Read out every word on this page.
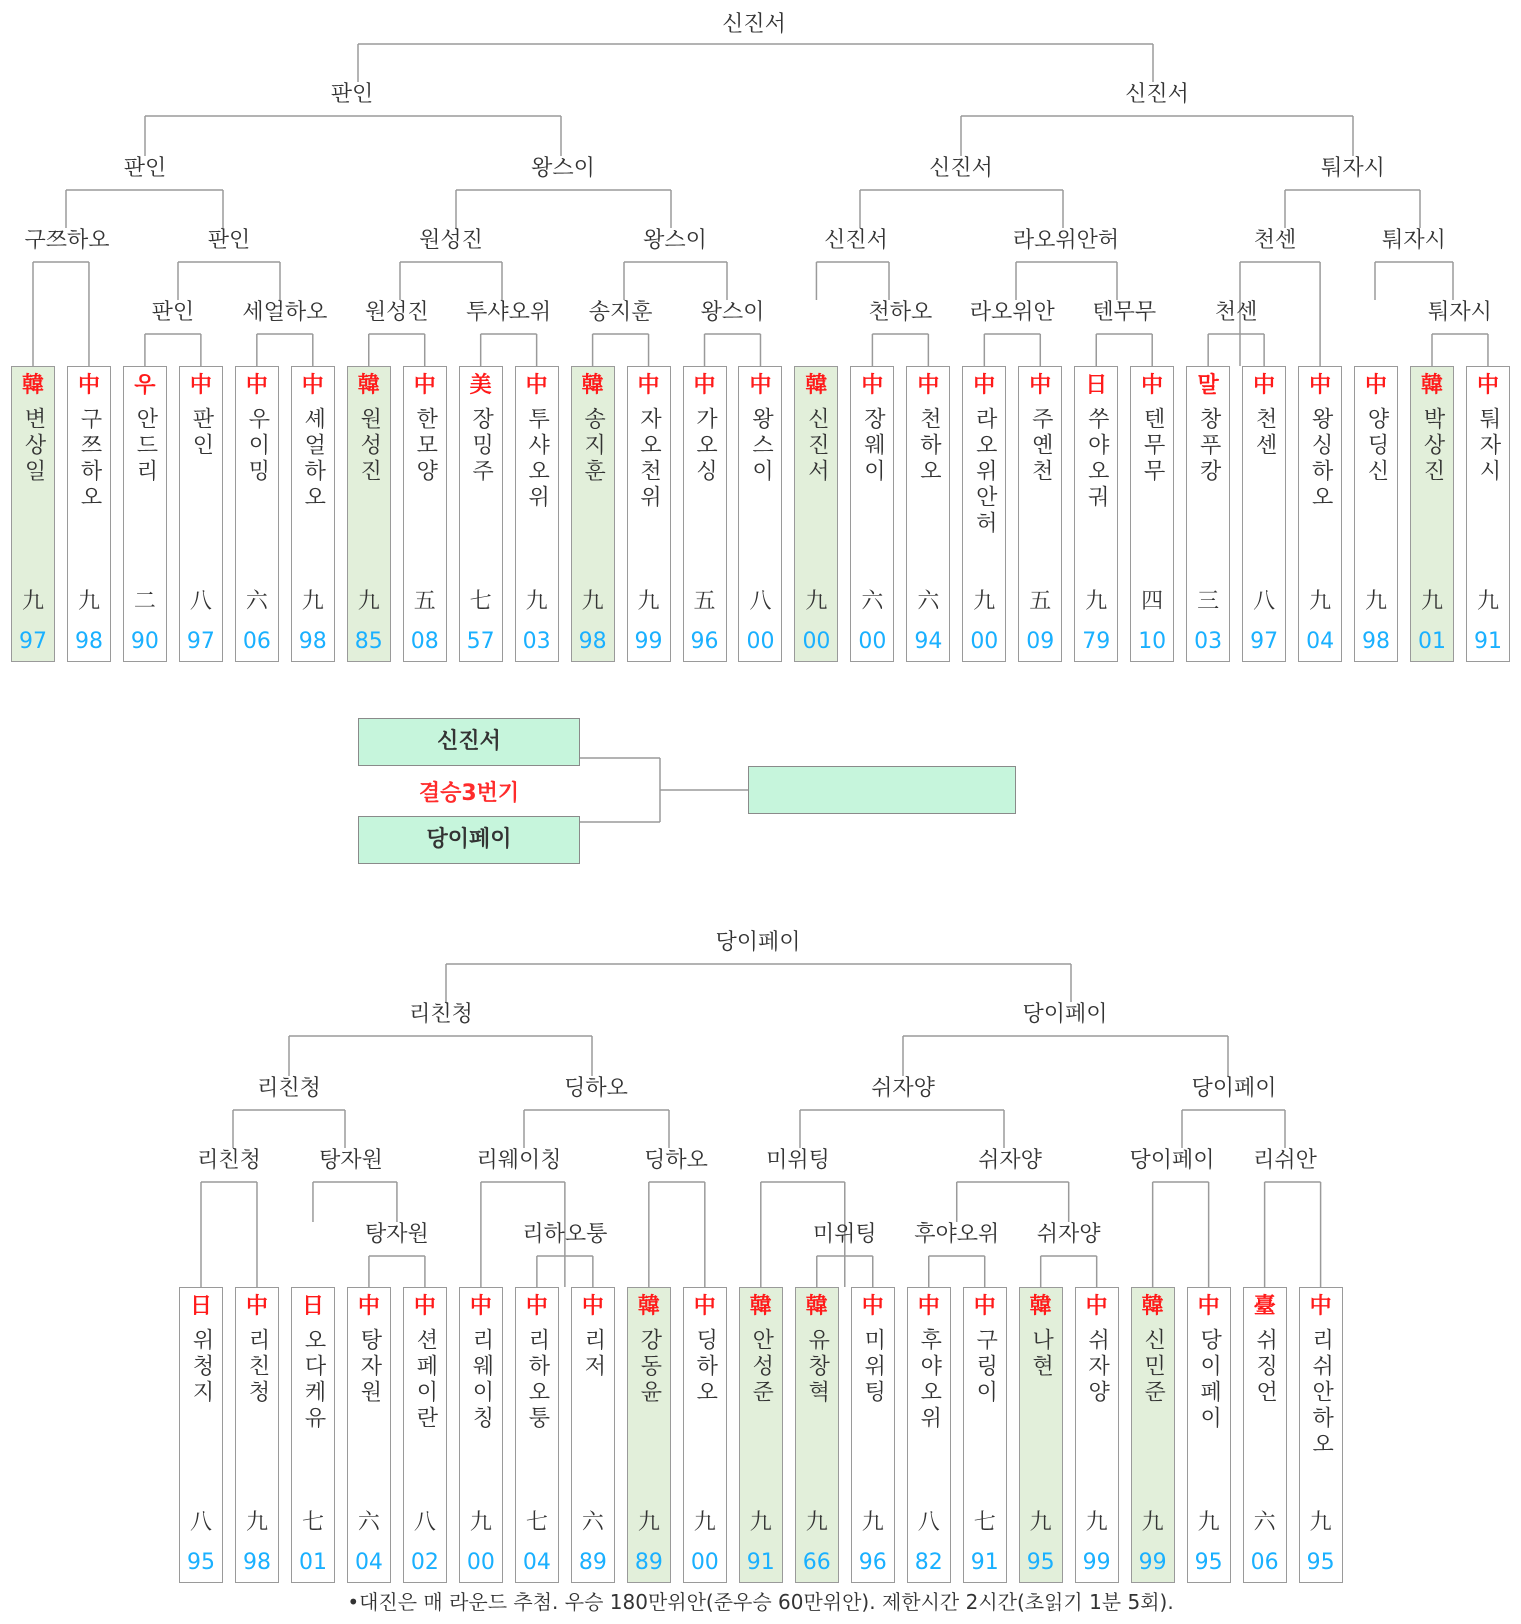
신진서
결승3번기
당이페이
•대진은 매 라운드 추첨. 우승 180만위안(준우승 60만위안). 제한시간 2시간(초읽기 1분 5회).
韓
변상일
九
97
中
구쯔하오
九
98
우
안드리
二
90
中
판인
八
97
中
우이밍
六
06
中
셰얼하오
九
98
韓
원성진
九
85
中
한모양
五
08
美
장밍주
七
57
中
투샤오위
九
03
韓
송지훈
九
98
中
자오천위
九
99
中
가오싱
五
96
中
왕스이
八
00
韓
신진서
九
00
中
장웨이
六
00
中
천하오
六
94
中
라오위안허
九
00
中
주옌천
五
09
日
쑤야오궈
九
79
中
텐무무
四
10
말
창푸캉
三
03
中
천센
八
97
中
왕싱하오
九
04
中
양딩신
九
98
韓
박상진
九
01
中
퉈자시
九
91
판인 세얼하오 원성진 투샤오위 송지훈 왕스이	천하오 라오위안 텐무무	천센	퉈자시
구쯔하오	판인	원성진	왕스이	신진서	라오위안허	천센	퉈자시
판인	왕스이	신진서	퉈자시
판인	신진서
신진서
日
위청지
八
95
中
리친청
九
98
日
오다케유
七
01
中
탕자원
六
04
中
션페이란
八
02
中
리웨이칭
九
00
中
리하오퉁
七
04
中
리저
六
89
韓
강동윤
九
89
中
딩하오
九
00
韓
안성준
九
91
韓
유창혁
九
66
中
미위팅
九
96
中
후야오위
八
82
中
구링이
七
91
韓
나현
九
95
中
쉬자양
九
99
韓
신민준
九
99
中
당이페이
九
95
臺
쉬징언
六
06
中
리쉬안하오
九
95
탕자원	리하오퉁	미위팅 후야오위 쉬자양
리친청	탕자원	리웨이칭	딩하오	미위팅	쉬자양	당이페이 리쉬안
리친청	딩하오	쉬자양	당이페이
리친청	당이페이
당이페이
